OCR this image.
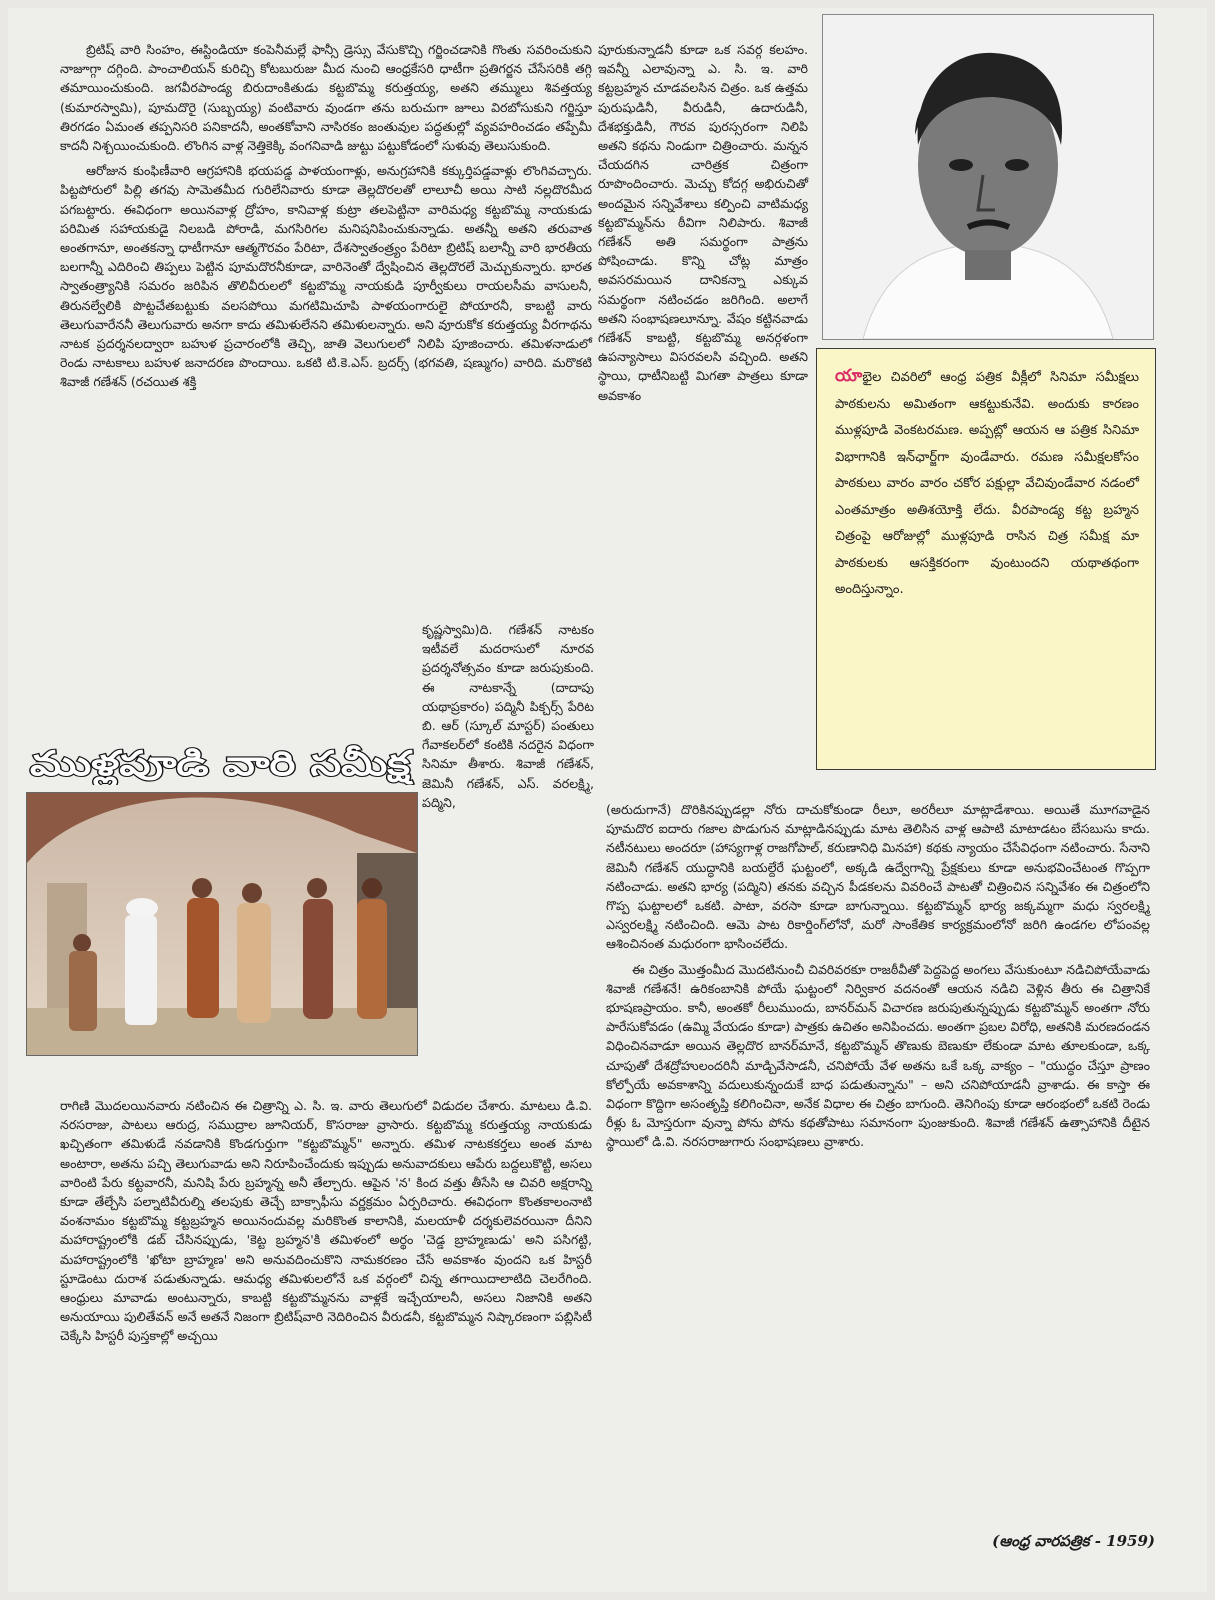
బ్రిటిష్ వారి సింహం, ఈస్టిండియా కంపెనీమల్లే ఫాన్సీ డ్రెస్సు వేసుకొచ్చి గర్జించడానికి గొంతు సవరించుకుని నాజూగ్గా దగ్గింది. పాంచాలియన్ కురిచ్చి కోటబురుజు మీద నుంచి ఆంధ్రకేసరి ధాటీగా ప్రతిగర్జన చేసేసరికి తగ్గి తమాయించుకుంది. జగవీరపాండ్య బిరుదాంకితుడు కట్టబొమ్మ కరుత్తయ్య, అతని తమ్ములు శివత్తయ్య (కుమారస్వామి), పూమదొరై (సుబ్బయ్య) వంటివారు వుండగా తను బరుచుగా జూలు విరబోసుకుని గర్జిస్తూ తిరగడం ఏమంత తప్పనిసరి పనికాదనీ, అంతకోవాని నాసిరకం జంతువుల పద్ధతుల్లో వ్యవహరించడం తప్పేమీ కాదనీ నిశ్చయించుకుంది. లొంగిన వాళ్ల నెత్తికెక్కి వంగనివాడి జుట్టు పట్టుకోడంలో సుళువు తెలుసుకుంది.

ఆరోజున కుంఫిణీవారి ఆగ్రహానికి భయపడ్డ పాళయంగాళ్లు, అనుగ్రహానికి కక్కుర్తిపడ్డవాళ్లు లొంగివచ్చారు. పిట్టపోరులో పిల్లి తగవు సామెతమీద గురిలేనివారు కూడా తెల్లదొరలతో లాలూచీ అయి సాటి నల్లదొరమీద పగబట్టారు. ఈవిధంగా అయినవాళ్ల ద్రోహం, కానివాళ్ల కుట్రా తలపెట్టినా వారిమధ్య కట్టబొమ్మ నాయకుడు పరిమిత సహాయకుడై నిలబడి పోరాడి, మగసిరిగల మనిషనిపించుకున్నాడు. అతన్నీ అతని తరువాత అంతగానూ, అంతకన్నా ధాటీగానూ ఆత్మగౌరవం పేరిటా, దేశస్వాతంత్ర్యం పేరిటా బ్రిటిష్ బలాన్నీ వారి భారతీయ బలగాన్నీ ఎదిరించి తిప్పలు పెట్టిన పూమదొరనీకూడా, వారినెంతో ద్వేషించిన తెల్లదొరలే మెచ్చుకున్నారు. భారత స్వాతంత్ర్యానికి సమరం జరిపిన తొలివీరులలో కట్టబొమ్మ నాయకుడి పూర్వీకులు రాయలసీమ వాసులనీ, తిరునల్వేలికి పొట్టచేతబట్టుకు వలసపోయి మగటిమిచూపి పాళయంగారులై పోయారనీ, కాబట్టి వారు తెలుగువారేననీ తెలుగువారు అనగా కాదు తమిళులేనని తమిళులన్నారు. అని వూరుకోక కరుత్తయ్య వీరగాథను నాటక ప్రదర్శనలద్వారా బహుళ ప్రచారంలోకి తెచ్చి, జాతి వెలుగులలో నిలిపి పూజించారు. తమిళనాడులో రెండు నాటకాలు బహుళ జనాదరణ పొందాయి. ఒకటి టి.కె.ఎస్. బ్రదర్స్ (భగవతి, షణ్ముగం) వారిది. మరొకటి శివాజీ గణేశన్ (రచయిత శక్తి

పూరుకున్నాడనీ కూడా ఒక సవర్గ కలహం. ఇవన్నీ ఎలావున్నా ఎ. సి. ఇ. వారి కట్టబ్రహ్మన చూడవలసిన చిత్రం. ఒక ఉత్తమ పురుషుడినీ, వీరుడినీ, ఉదారుడినీ, దేశభక్తుడినీ, గౌరవ పురస్సరంగా నిలిపి అతని కథను నిండుగా చిత్రించారు. మన్నన చేయదగిన చారిత్రక చిత్రంగా రూపొందించారు. మెచ్చు కోదగ్గ అభిరుచితో అందమైన సన్నివేశాలు కల్పించి వాటిమధ్య కట్టబొమ్మన్‌ను ఠీవిగా నిలిపారు. శివాజీ గణేశన్ అతి సమర్థంగా పాత్రను పోషించాడు. కొన్ని చోట్ల మాత్రం అవసరమయిన దానికన్నా ఎక్కువ సమర్థంగా నటించడం జరిగింది. అలాగే అతని సంభాషణలూన్నూ. వేషం కట్టినవాడు గణేశన్ కాబట్టి, కట్టబొమ్మ అనర్గళంగా ఉపన్యాసాలు విసరవలసి వచ్చింది. అతని స్థాయి, ధాటీనిబట్టి మిగతా పాత్రలు కూడా అవకాశం

యాభైల చివరిలో ఆంధ్ర పత్రిక వీక్లీలో సినిమా సమీక్షలు పాఠకులను అమితంగా ఆకట్టుకునేవి. అందుకు కారణం ముళ్లపూడి వెంకటరమణ. అప్పట్లో ఆయన ఆ పత్రిక సినిమా విభాగానికి ఇన్‌ఛార్జ్‌గా వుండేవారు. రమణ సమీక్షలకోసం పాఠకులు వారం వారం చకోర పక్షుల్లా వేచివుండేవార నడంలో ఎంతమాత్రం అతిశయోక్తి లేదు. వీరపాండ్య కట్ట బ్రహ్మన చిత్రంపై ఆరోజుల్లో ముళ్లపూడి రాసిన చిత్ర సమీక్ష మా పాఠకులకు ఆసక్తికరంగా వుంటుందని యథాతథంగా అందిస్తున్నాం.

ముళ్లపూడి వారి సమీక్ష

కృష్ణస్వామి)ది. గణేశన్ నాటకం ఇటీవలే మదరాసులో నూరవ ప్రదర్శనోత్సవం కూడా జరుపుకుంది. ఈ నాటకాన్నే (దాదాపు యథాప్రకారం) పద్మినీ పిక్చర్స్ పేరిట బి. ఆర్ (స్కూల్ మాస్టర్) పంతులు గేవాకలర్‌లో కంటికి నదరైన విధంగా సినిమా తీశారు. శివాజీ గణేశన్, జెమినీ గణేశన్, ఎస్. వరలక్ష్మి, పద్మిని,

రాగిణి మొదలయినవారు నటించిన ఈ చిత్రాన్ని ఎ. సి. ఇ. వారు తెలుగులో విడుదల చేశారు. మాటలు డి.వి. నరసరాజు, పాటలు ఆరుద్ర, సముద్రాల జూనియర్, కొసరాజు వ్రాసారు. కట్టబొమ్మ కరుత్తయ్య నాయకుడు ఖచ్చితంగా తమిళుడే నవడానికి కొండగుర్తుగా "కట్టబొమ్మన్" అన్నారు. తమిళ నాటకకర్తలు అంత మాట అంటారా, అతను పచ్చి తెలుగువాడు అని నిరూపించేందుకు ఇప్పుడు అనువాదకులు ఆపేరు బద్దలుకొట్టి, అసలు వారింటి పేరు కట్టవారనీ, మనిషి పేరు బ్రహ్మన్న అనీ తేల్చారు. ఆపైన 'న' కింద వత్తు తీసేసి ఆ చివరి అక్షరాన్ని కూడా తేల్చేసి పల్నాటివీరుల్ని తలపుకు తెచ్చే బాక్సాఫీసు వర్ణక్రమం ఏర్పరిచారు. ఈవిధంగా కొంతకాలంనాటి వంశనామం కట్టబొమ్మ కట్టబ్రహ్మన అయినందువల్ల మరికొంత కాలానికి, మలయాళీ దర్శకులెవరయినా దీనిని మహారాష్ట్రంలోకి డబ్ చేసినప్పుడు, 'కెట్ట బ్రహ్మన'కి తమిళంలో అర్థం 'చెడ్డ బ్రాహ్మణుడు' అని పసిగట్టి, మహారాష్ట్రంలోకి 'ఖోటా బ్రాహ్మణ' అని అనువదించుకొని నామకరణం చేసే అవకాశం వుందని ఒక హిస్టరీ స్టూడెంటు దురాశ పడుతున్నాడు. ఆమధ్య తమిళులలోనే ఒక వర్గంలో చిన్న తగాయిదాలాటిది చెలరేగింది. ఆంధ్రులు మావాడు అంటున్నారు, కాబట్టి కట్టబొమ్మనను వాళ్లకే ఇచ్చేయాలనీ, అసలు నిజానికి అతని అనుయాయి పులితేవన్ అనే అతనే నిజంగా బ్రిటిష్‌వారి నెదిరించిన వీరుడనీ, కట్టబొమ్మన నిష్కారణంగా పబ్లిసిటీ చెక్కేసి హిస్టరీ పుస్తకాల్లో అచ్చయి

(అరుదుగానే) దొరికినప్పుడల్లా నోరు దాచుకోకుండా రీలూ, అరరీలూ మాట్లాడేశాయి. అయితే మూగవాడైన పూమదొర ఐదారు గజాల పొడుగున మాట్లాడినప్పుడు మాట తెలిసిన వాళ్ల ఆపాటి మాటాడటం బేసబుసు కాదు. నటీనటులు అందరూ (హాస్యగాళ్ల రాజగోపాల్, కరుణానిధి మినహా) కథకు న్యాయం చేసేవిధంగా నటించారు. సేనాని జెమినీ గణేశన్ యుద్ధానికి బయల్దేరే ఘట్టంలో, అక్కడి ఉద్వేగాన్ని ప్రేక్షకులు కూడా అనుభవించేటంత గొప్పగా నటించాడు. అతని భార్య (పద్మిని) తనకు వచ్చిన పీడకలను వివరించే పాటతో చిత్రించిన సన్నివేశం ఈ చిత్రంలోని గొప్ప ఘట్టాలలో ఒకటి. పాటా, వరసా కూడా బాగున్నాయి. కట్టబొమ్మన్ భార్య జక్కమ్మగా మధు స్వరలక్ష్మి ఎస్వరలక్ష్మి నటించింది. ఆమె పాట రికార్డింగ్‌లోనో, మరో సాంకేతిక కార్యక్రమంలోనో జరిగి ఉండగల లోపంవల్ల ఆశించినంత మధురంగా భాసించలేదు.

ఈ చిత్రం మొత్తంమీద మొదటినుంచీ చివరివరకూ రాజఠీవీతో పెద్దపెద్ద అంగలు వేసుకుంటూ నడిచిపోయేవాడు శివాజీ గణేశనే! ఉరికంబానికి పోయే ఘట్టంలో నిర్వికార వదనంతో ఆయన నడిచి వెళ్లిన తీరు ఈ చిత్రానికే భూషణప్రాయం. కానీ, అంతకో రీలుముందు, బానర్‌మన్ విచారణ జరుపుతున్నప్పుడు కట్టబొమ్మన్ అంతగా నోరు పారేసుకోవడం (ఉమ్మి వేయడం కూడా) పాత్రకు ఉచితం అనిపించదు. అంతగా ప్రబల విరోధి, అతనికి మరణదండన విధించినవాడూ అయిన తెల్లదొర బానర్‌మానే, కట్టబొమ్మన్ తొణుకు బెణుకూ లేకుండా మాట తూలకుండా, ఒక్క చూపుతో దేశద్రోహులందరినీ మాడ్చివేసాడనీ, చనిపోయే వేళ అతను ఒకే ఒక్క వాక్యం – "యుద్ధం చేస్తూ ప్రాణం కోల్పోయే అవకాశాన్ని వదులుకున్నందుకే బాధ పడుతున్నాను" – అని చనిపోయాడనీ వ్రాశాడు. ఈ కాస్తా ఈ విధంగా కొద్దిగా అసంతృప్తి కలిగించినా, అనేక విధాల ఈ చిత్రం బాగుంది. తెనిగింపు కూడా ఆరంభంలో ఒకటి రెండు రీళ్లు ఓ మోస్తరుగా వున్నా పోను పోను కథతోపాటు సమానంగా పుంజుకుంది. శివాజీ గణేశన్ ఉత్సాహానికి దీటైన స్థాయిలో డి.వి. నరసరాజుగారు సంభాషణలు వ్రాశారు.

(ఆంధ్ర వారపత్రిక - 1959)
